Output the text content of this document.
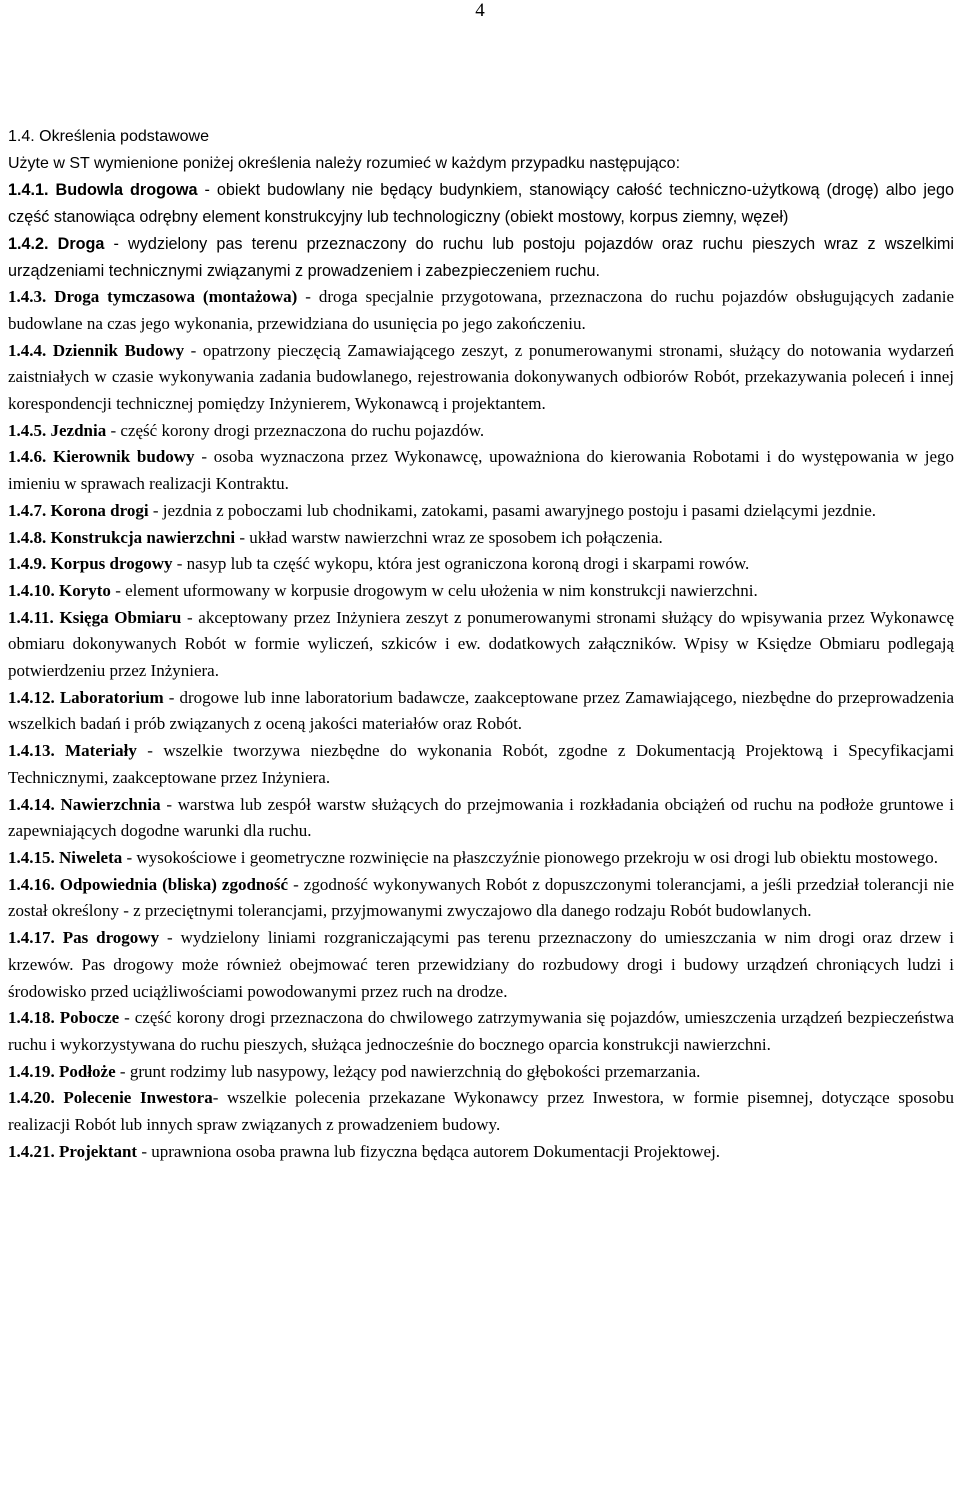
4
1.4. Określenia podstawowe
Użyte w ST wymienione poniżej określenia należy rozumieć w każdym przypadku następująco:
1.4.1. Budowla drogowa - obiekt budowlany nie będący budynkiem, stanowiący całość techniczno-użytkową (drogę) albo jego część stanowiąca odrębny element konstrukcyjny lub technologiczny (obiekt mostowy, korpus ziemny, węzeł)
1.4.2. Droga - wydzielony pas terenu przeznaczony do ruchu lub postoju pojazdów oraz ruchu pieszych wraz z wszelkimi urządzeniami technicznymi związanymi z prowadzeniem i zabezpieczeniem ruchu.
1.4.3. Droga tymczasowa (montażowa) - droga specjalnie przygotowana, przeznaczona do ruchu pojazdów obsługujących zadanie budowlane na czas jego wykonania, przewidziana do usunięcia po jego zakończeniu.
1.4.4. Dziennik Budowy - opatrzony pieczęcią Zamawiającego zeszyt, z ponumerowanymi stronami, służący do notowania wydarzeń zaistniałych w czasie wykonywania zadania budowlanego, rejestrowania dokonywanych odbiorów Robót, przekazywania poleceń i innej korespondencji technicznej pomiędzy Inżynierem, Wykonawcą i projektantem.
1.4.5. Jezdnia - część korony drogi przeznaczona do ruchu pojazdów.
1.4.6. Kierownik budowy - osoba wyznaczona przez Wykonawcę, upoważniona do kierowania Robotami i do występowania w jego imieniu w sprawach realizacji Kontraktu.
1.4.7. Korona drogi - jezdnia z poboczami lub chodnikami, zatokami, pasami awaryjnego postoju i pasami dzielącymi jezdnie.
1.4.8. Konstrukcja nawierzchni - układ warstw nawierzchni wraz ze sposobem ich połączenia.
1.4.9. Korpus drogowy - nasyp lub ta część wykopu, która jest ograniczona koroną drogi i skarpami rowów.
1.4.10. Koryto - element uformowany w korpusie drogowym w celu ułożenia w nim konstrukcji nawierzchni.
1.4.11. Księga Obmiaru - akceptowany przez Inżyniera zeszyt z ponumerowanymi stronami służący do wpisywania przez Wykonawcę obmiaru dokonywanych Robót w formie wyliczeń, szkiców i ew. dodatkowych załączników. Wpisy w Księdze Obmiaru podlegają potwierdzeniu przez Inżyniera.
1.4.12. Laboratorium - drogowe lub inne laboratorium badawcze, zaakceptowane przez Zamawiającego, niezbędne do przeprowadzenia wszelkich badań i prób związanych z oceną jakości materiałów oraz Robót.
1.4.13. Materiały - wszelkie tworzywa niezbędne do wykonania Robót, zgodne z Dokumentacją Projektową i Specyfikacjami Technicznymi, zaakceptowane przez Inżyniera.
1.4.14. Nawierzchnia - warstwa lub zespół warstw służących do przejmowania i rozkładania obciążeń od ruchu na podłoże gruntowe i zapewniających dogodne warunki dla ruchu.
1.4.15. Niweleta - wysokościowe i geometryczne rozwinięcie na płaszczyźnie pionowego przekroju w osi drogi lub obiektu mostowego.
1.4.16. Odpowiednia (bliska) zgodność - zgodność wykonywanych Robót z dopuszczonymi tolerancjami, a jeśli przedział tolerancji nie został określony - z przeciętnymi tolerancjami, przyjmowanymi zwyczajowo dla danego rodzaju Robót budowlanych.
1.4.17. Pas drogowy - wydzielony liniami rozgraniczającymi pas terenu przeznaczony do umieszczania w nim drogi oraz drzew i krzewów. Pas drogowy może również obejmować teren przewidziany do rozbudowy drogi i budowy urządzeń chroniących ludzi i środowisko przed uciążliwościami powodowanymi przez ruch na drodze.
1.4.18. Pobocze - część korony drogi przeznaczona do chwilowego zatrzymywania się pojazdów, umieszczenia urządzeń bezpieczeństwa ruchu i wykorzystywana do ruchu pieszych, służąca jednocześnie do bocznego oparcia konstrukcji nawierzchni.
1.4.19. Podłoże - grunt rodzimy lub nasypowy, leżący pod nawierzchnią do głębokości przemarzania.
1.4.20. Polecenie Inwestora- wszelkie polecenia przekazane Wykonawcy przez Inwestora, w formie pisemnej, dotyczące sposobu realizacji Robót lub innych spraw związanych z prowadzeniem budowy.
1.4.21. Projektant - uprawniona osoba prawna lub fizyczna będąca autorem Dokumentacji Projektowej.
